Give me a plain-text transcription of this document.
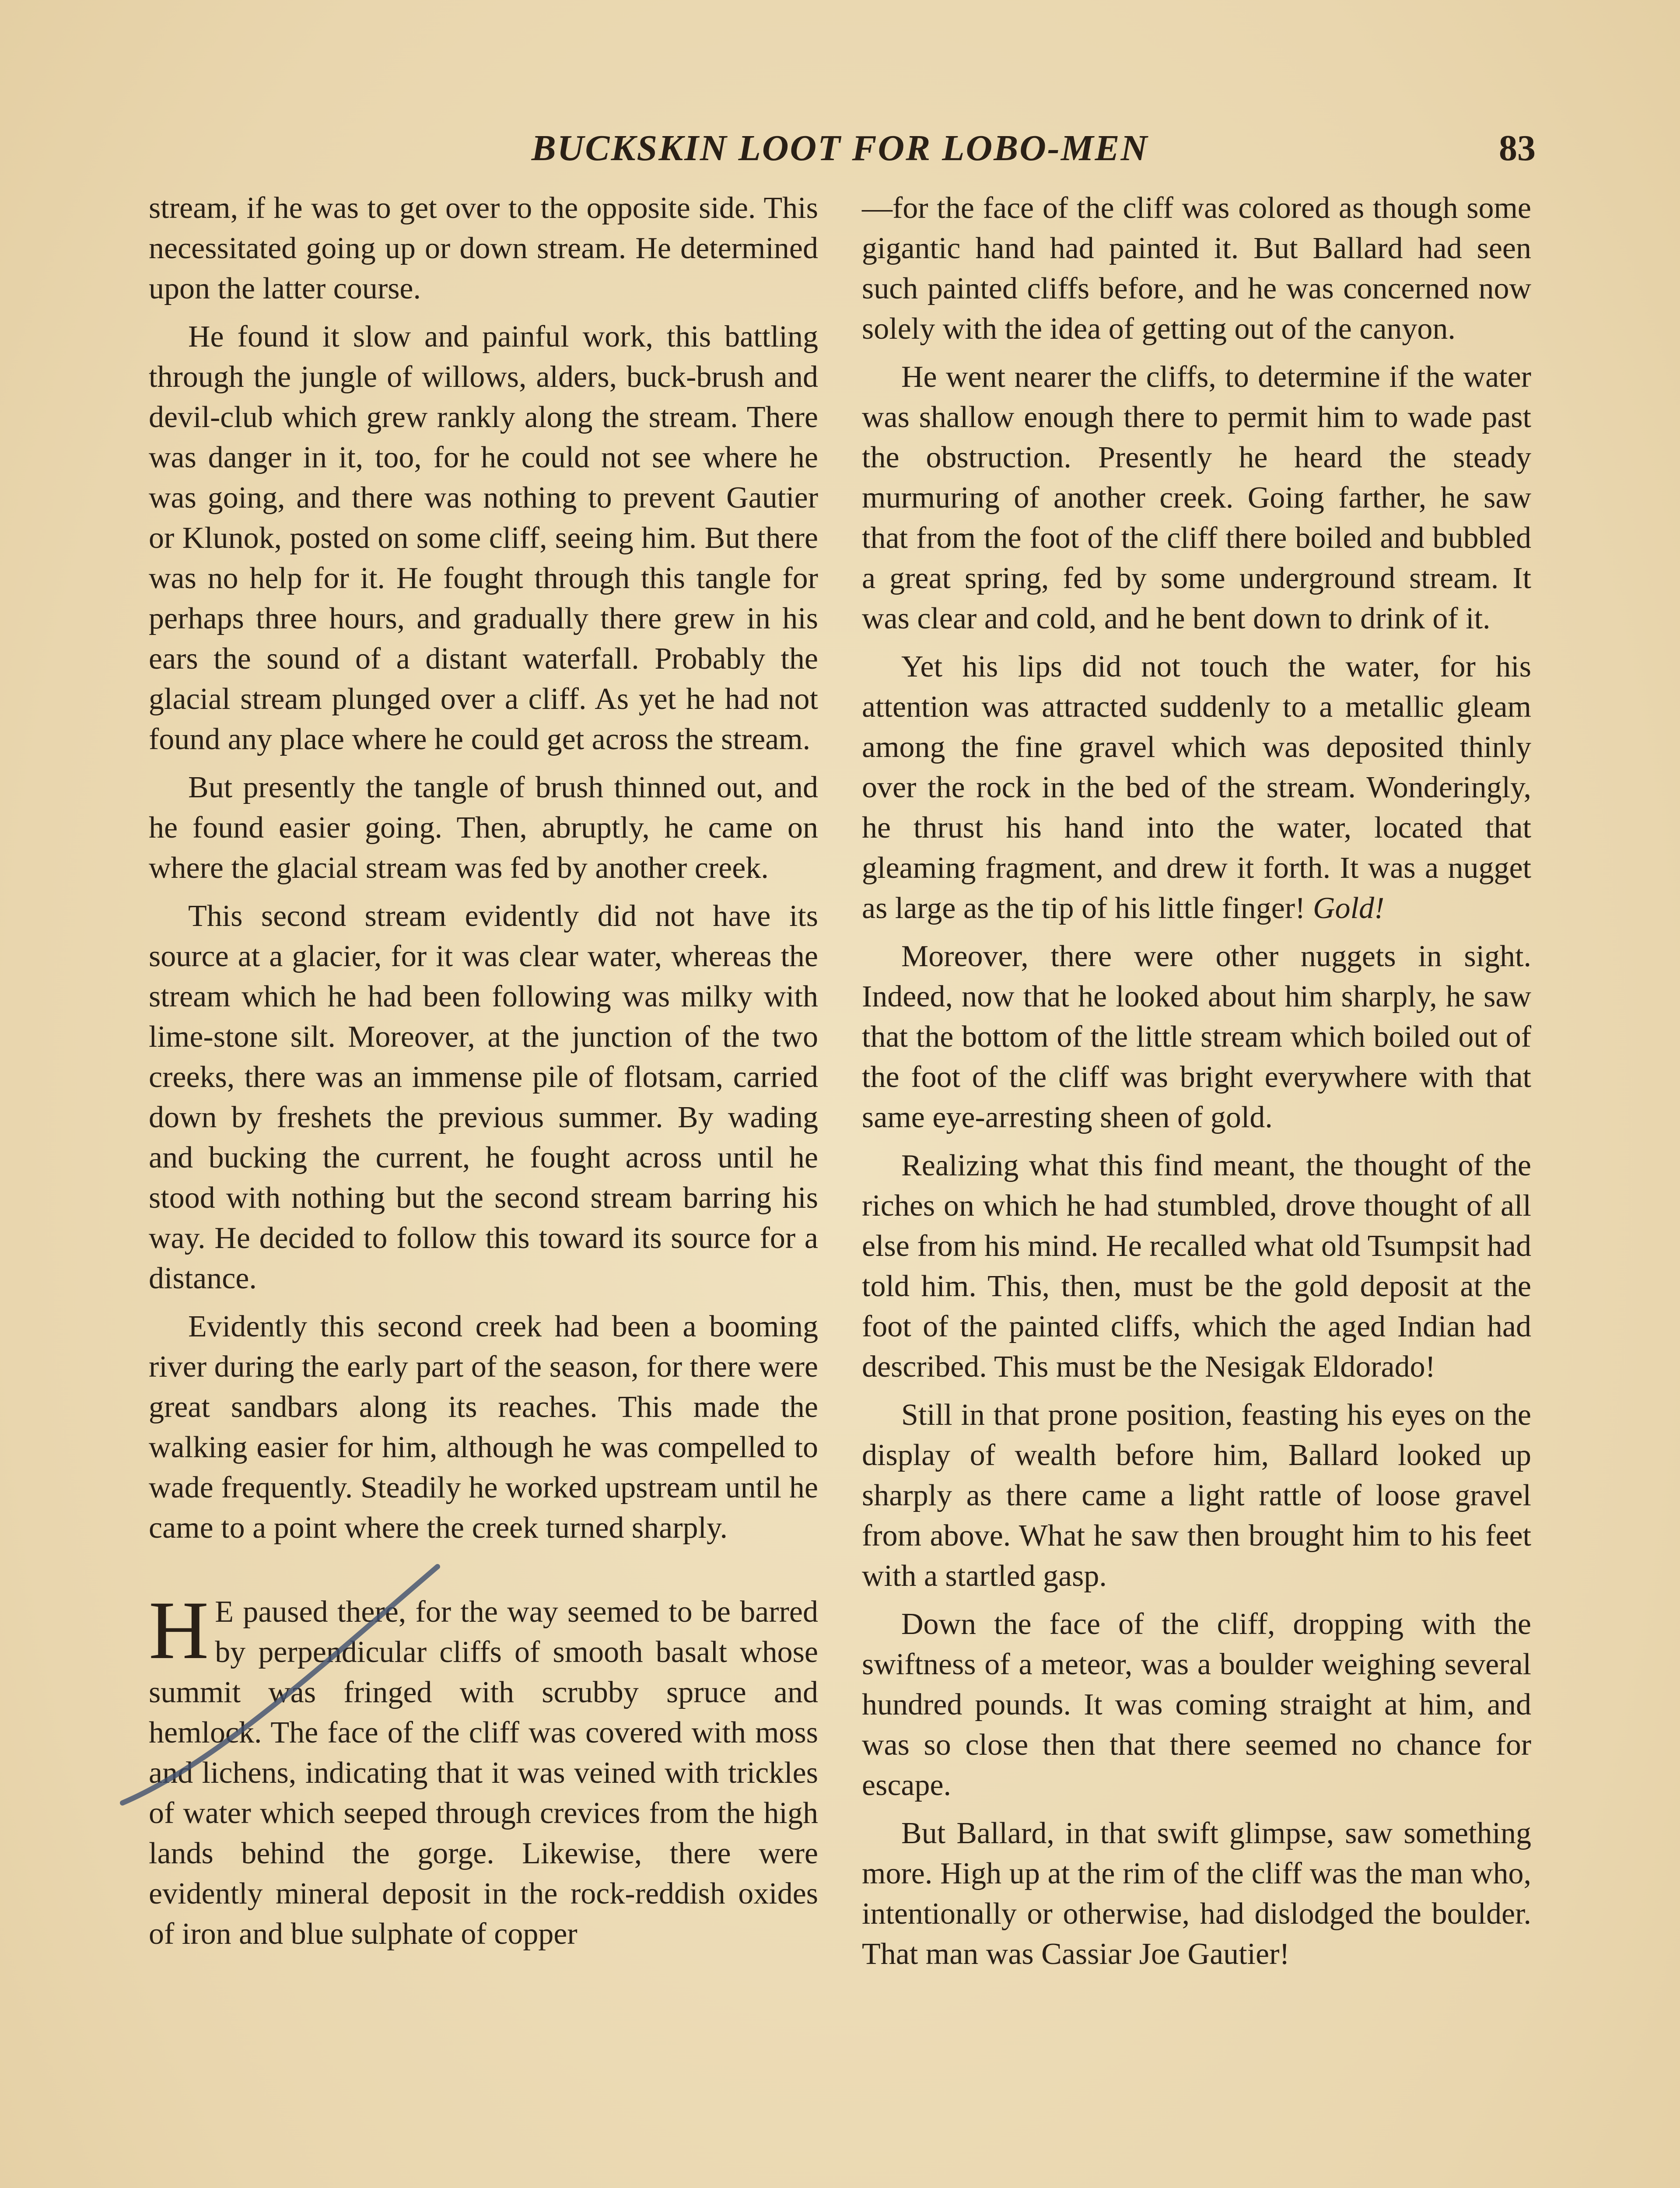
BUCKSKIN LOOT FOR LOBO-MEN	83

stream, if he was to get over to the opposite side. This necessitated going up or down stream. He determined upon the latter course.

He found it slow and painful work, this battling through the jungle of willows, alders, buck-brush and devil-club which grew rankly along the stream. There was danger in it, too, for he could not see where he was going, and there was nothing to prevent Gautier or Klunok, posted on some cliff, seeing him. But there was no help for it. He fought through this tangle for perhaps three hours, and gradually there grew in his ears the sound of a distant waterfall. Probably the glacial stream plunged over a cliff. As yet he had not found any place where he could get across the stream.

But presently the tangle of brush thinned out, and he found easier going. Then, abruptly, he came on where the glacial stream was fed by another creek.

This second stream evidently did not have its source at a glacier, for it was clear water, whereas the stream which he had been following was milky with lime-stone silt. Moreover, at the junction of the two creeks, there was an immense pile of flotsam, carried down by freshets the previous summer. By wading and bucking the current, he fought across until he stood with nothing but the second stream barring his way. He decided to follow this toward its source for a distance.

Evidently this second creek had been a booming river during the early part of the season, for there were great sandbars along its reaches. This made the walking easier for him, although he was compelled to wade frequently. Steadily he worked upstream until he came to a point where the creek turned sharply.

H E paused there, for the way seemed to be barred by perpendicular cliffs of smooth basalt whose summit was fringed with scrubby spruce and hemlock. The face of the cliff was covered with moss and lichens, indicating that it was veined with trickles of water which seeped through crevices from the high lands behind the gorge. Likewise, there were evidently mineral deposit in the rock-reddish oxides of iron and blue sulphate of copper

—for the face of the cliff was colored as though some gigantic hand had painted it. But Ballard had seen such painted cliffs before, and he was concerned now solely with the idea of getting out of the canyon.

He went nearer the cliffs, to determine if the water was shallow enough there to permit him to wade past the obstruction. Presently he heard the steady murmuring of another creek. Going farther, he saw that from the foot of the cliff there boiled and bubbled a great spring, fed by some underground stream. It was clear and cold, and he bent down to drink of it.

Yet his lips did not touch the water, for his attention was attracted suddenly to a metallic gleam among the fine gravel which was deposited thinly over the rock in the bed of the stream. Wonderingly, he thrust his hand into the water, located that gleaming fragment, and drew it forth. It was a nugget as large as the tip of his little finger! Gold!

Moreover, there were other nuggets in sight. Indeed, now that he looked about him sharply, he saw that the bottom of the little stream which boiled out of the foot of the cliff was bright everywhere with that same eye-arresting sheen of gold.

Realizing what this find meant, the thought of the riches on which he had stumbled, drove thought of all else from his mind. He recalled what old Tsumpsit had told him. This, then, must be the gold deposit at the foot of the painted cliffs, which the aged Indian had described. This must be the Nesigak Eldorado!

Still in that prone position, feasting his eyes on the display of wealth before him, Ballard looked up sharply as there came a light rattle of loose gravel from above. What he saw then brought him to his feet with a startled gasp.

Down the face of the cliff, dropping with the swiftness of a meteor, was a boulder weighing several hundred pounds. It was coming straight at him, and was so close then that there seemed no chance for escape.

But Ballard, in that swift glimpse, saw something more. High up at the rim of the cliff was the man who, intentionally or otherwise, had dislodged the boulder. That man was Cassiar Joe Gautier!
